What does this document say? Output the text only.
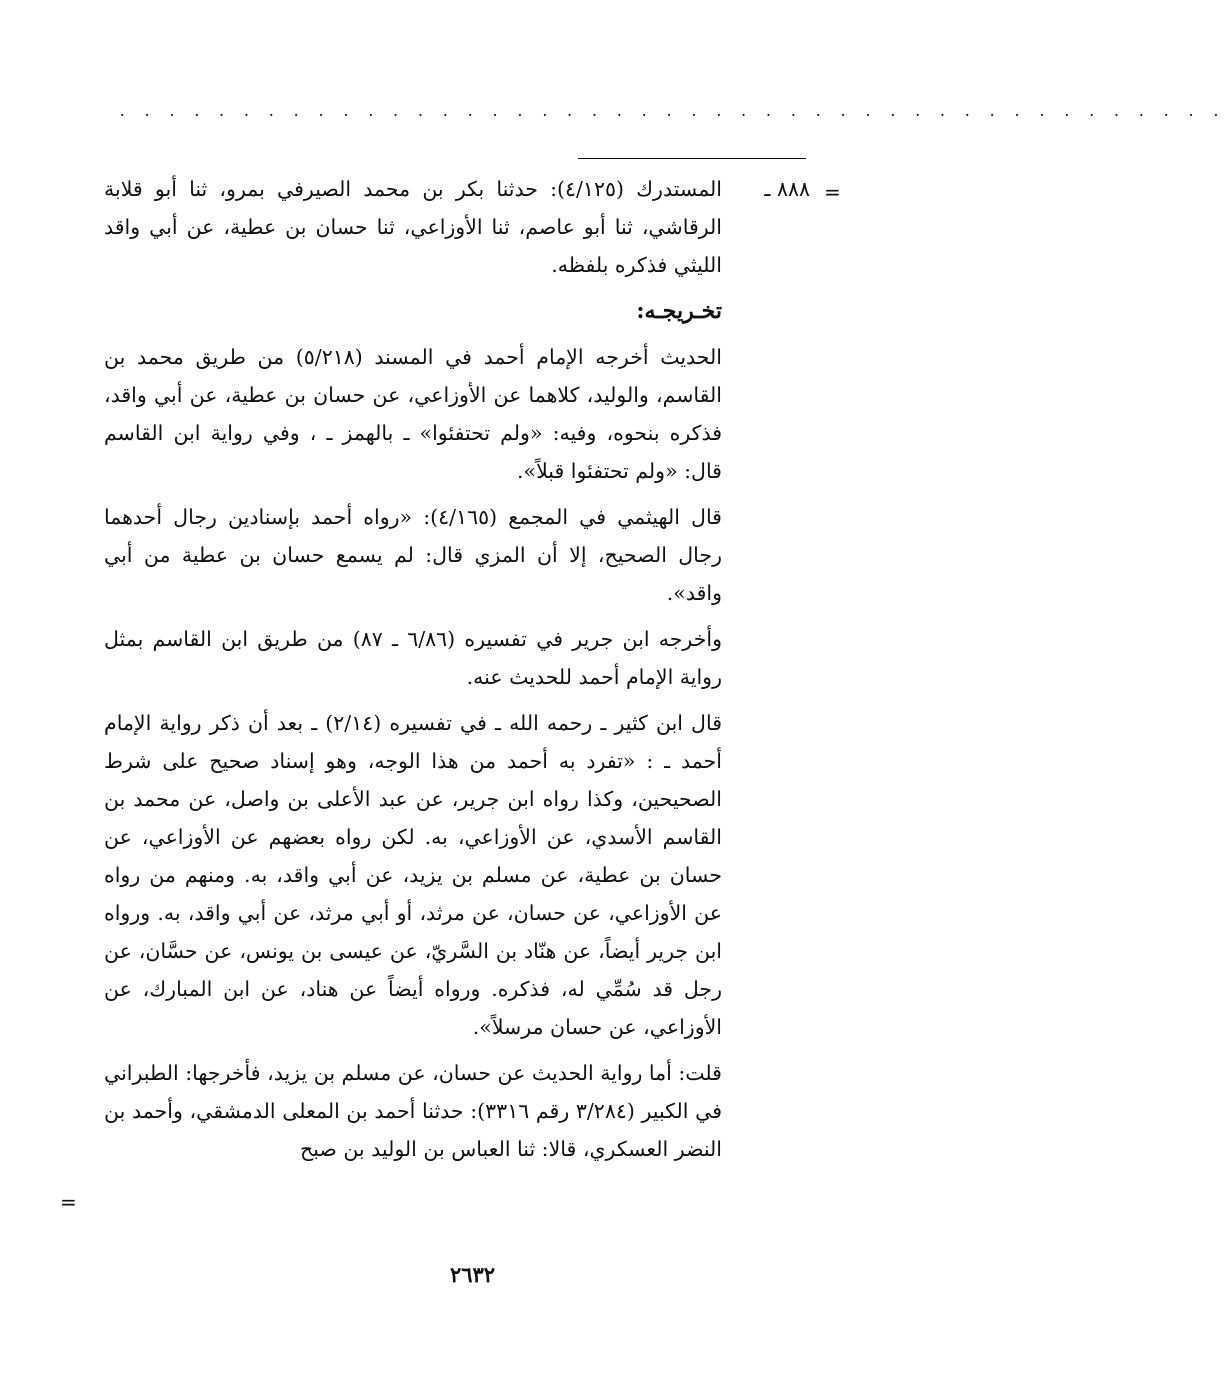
. . . . . . . . . . . . . . . . . . . . . . . . . . . . . . . . . . . . . . . . . . . . .
=
٨٨٨ ـ

المستدرك (٤/١٢٥): حدثنا بكر بن محمد الصيرفي بمرو، ثنا أبو قلابة الرقاشي، ثنا أبو عاصم، ثنا الأوزاعي، ثنا حسان بن عطية، عن أبي واقد الليثي فذكره بلفظه.

تخـريجـه:

الحديث أخرجه الإمام أحمد في المسند (٥/٢١٨) من طريق محمد بن القاسم، والوليد، كلاهما عن الأوزاعي، عن حسان بن عطية، عن أبي واقد، فذكره بنحوه، وفيه: «ولم تحتفئوا» ـ بالهمز ـ ، وفي رواية ابن القاسم قال: «ولم تحتفئوا قبلاً».

قال الهيثمي في المجمع (٤/١٦٥): «رواه أحمد بإسنادين رجال أحدهما رجال الصحيح، إلا أن المزي قال: لم يسمع حسان بن عطية من أبي واقد».

وأخرجه ابن جرير في تفسيره (٦/٨٦ ـ ٨٧) من طريق ابن القاسم بمثل رواية الإمام أحمد للحديث عنه.

قال ابن كثير ـ رحمه الله ـ في تفسيره (٢/١٤) ـ بعد أن ذكر رواية الإمام أحمد ـ : «تفرد به أحمد من هذا الوجه، وهو إسناد صحيح على شرط الصحيحين، وكذا رواه ابن جرير، عن عبد الأعلى بن واصل، عن محمد بن القاسم الأسدي، عن الأوزاعي، به. لكن رواه بعضهم عن الأوزاعي، عن حسان بن عطية، عن مسلم بن يزيد، عن أبي واقد، به. ومنهم من رواه عن الأوزاعي، عن حسان، عن مرثد، أو أبي مرثد، عن أبي واقد، به. ورواه ابن جرير أيضاً، عن هنّاد بن السَّريّ، عن عيسى بن يونس، عن حسَّان، عن رجل قد سُمِّي له، فذكره. ورواه أيضاً عن هناد، عن ابن المبارك، عن الأوزاعي، عن حسان مرسلاً».

قلت: أما رواية الحديث عن حسان، عن مسلم بن يزيد، فأخرجها: الطبراني في الكبير (٣/٢٨٤ رقم ٣٣١٦): حدثنا أحمد بن المعلى الدمشقي، وأحمد بن النضر العسكري، قالا: ثنا العباس بن الوليد بن صبح

=
٢٦٣٢
